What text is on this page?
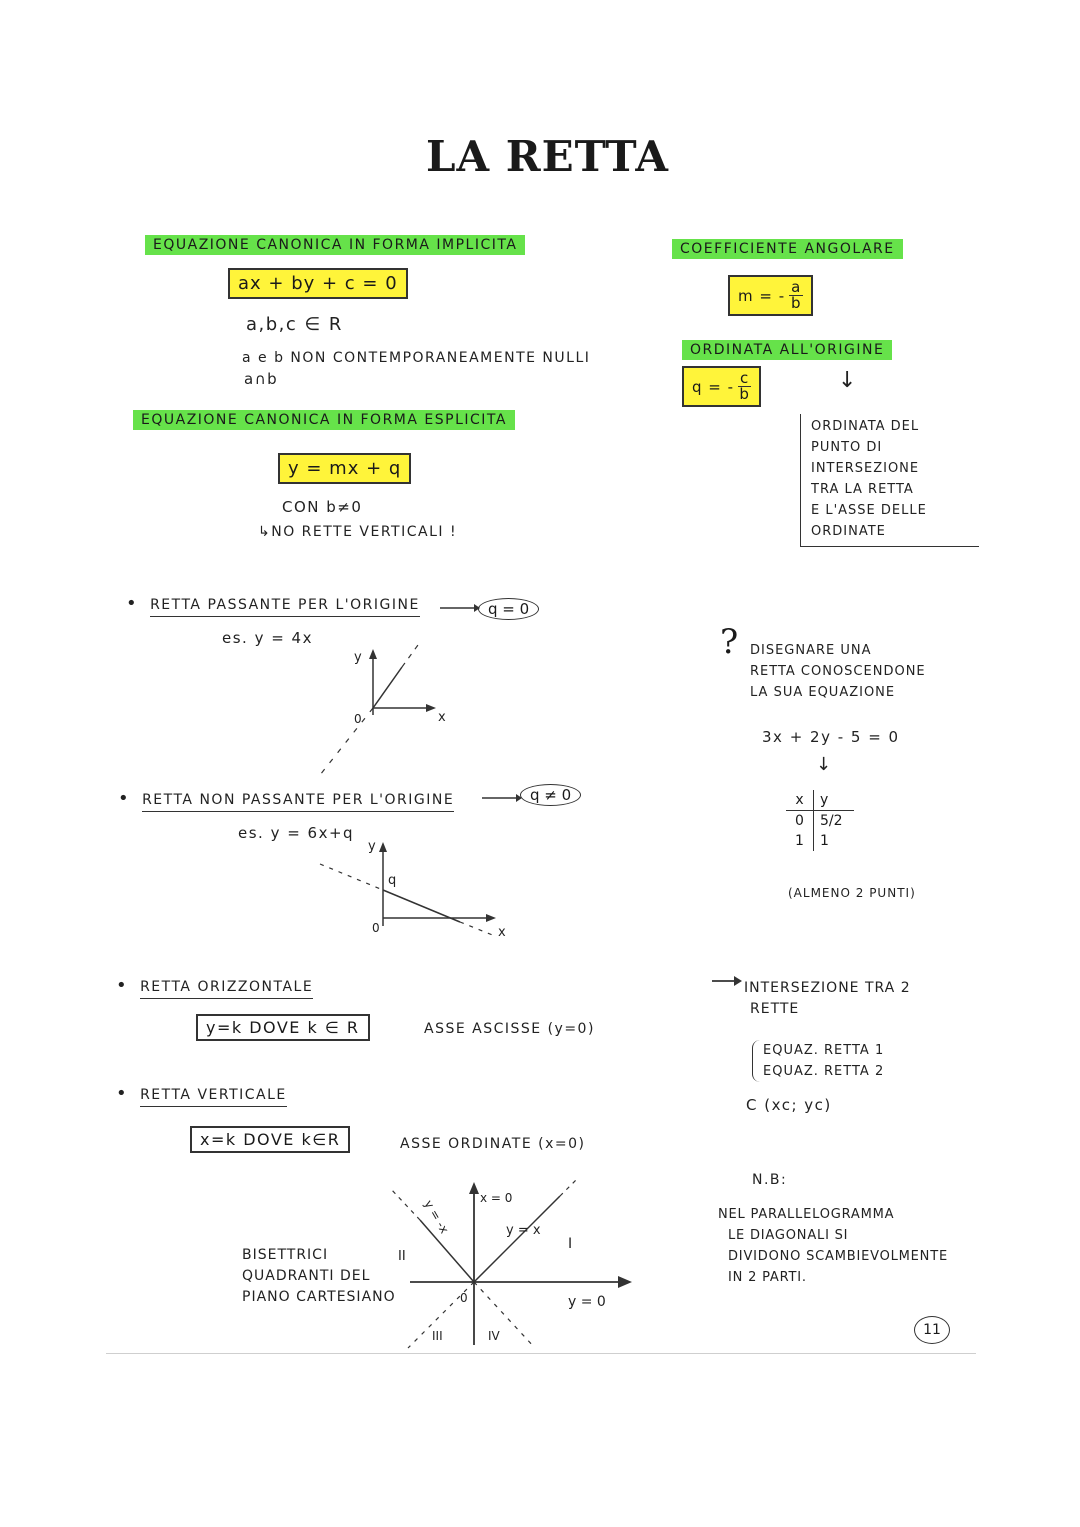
LA RETTA
EQUAZIONE CANONICA IN FORMA IMPLICITA
ax + by + c = 0
a,b,c ∈ R
a e b NON CONTEMPORANEAMENTE NULLI
a∩b
EQUAZIONE CANONICA IN FORMA ESPLICITA
y = mx + q
CON b≠0
↳NO RETTE VERTICALI !
• RETTA PASSANTE PER L'ORIGINE	q = 0
es. y = 4x
y
x
0
• RETTA NON PASSANTE PER L'ORIGINE	q ≠ 0
es. y = 6x+q
y
x
0
q
• RETTA ORIZZONTALE
y=k DOVE k ∈ R	ASSE ASCISSE (y=0)
• RETTA VERTICALE
x=k DOVE k∈R	ASSE ORDINATE (x=0)
BISETTRICI
QUADRANTI DEL
PIANO CARTESIANO
II
I
III	IV
y = x
y = -x x = 0
y = 0
0
COEFFICIENTE ANGOLARE
m = - a
b
ORDINATA ALL'ORIGINE
q = - c
b
↓
ORDINATA DEL
PUNTO DI
INTERSEZIONE
TRA LA RETTA
E L'ASSE DELLE
ORDINATE
? DISEGNARE UNA
RETTA CONOSCENDONE
LA SUA EQUAZIONE
3x + 2y - 5 = 0
↓
x	y
0	5/2
1	1
(ALMENO 2 PUNTI)
INTERSEZIONE TRA 2
RETTE
EQUAZ. RETTA 1
EQUAZ. RETTA 2
C (xc; yc)
N.B:
NEL PARALLELOGRAMMA
LE DIAGONALI SI
DIVIDONO SCAMBIEVOLMENTE
IN 2 PARTI.
11
